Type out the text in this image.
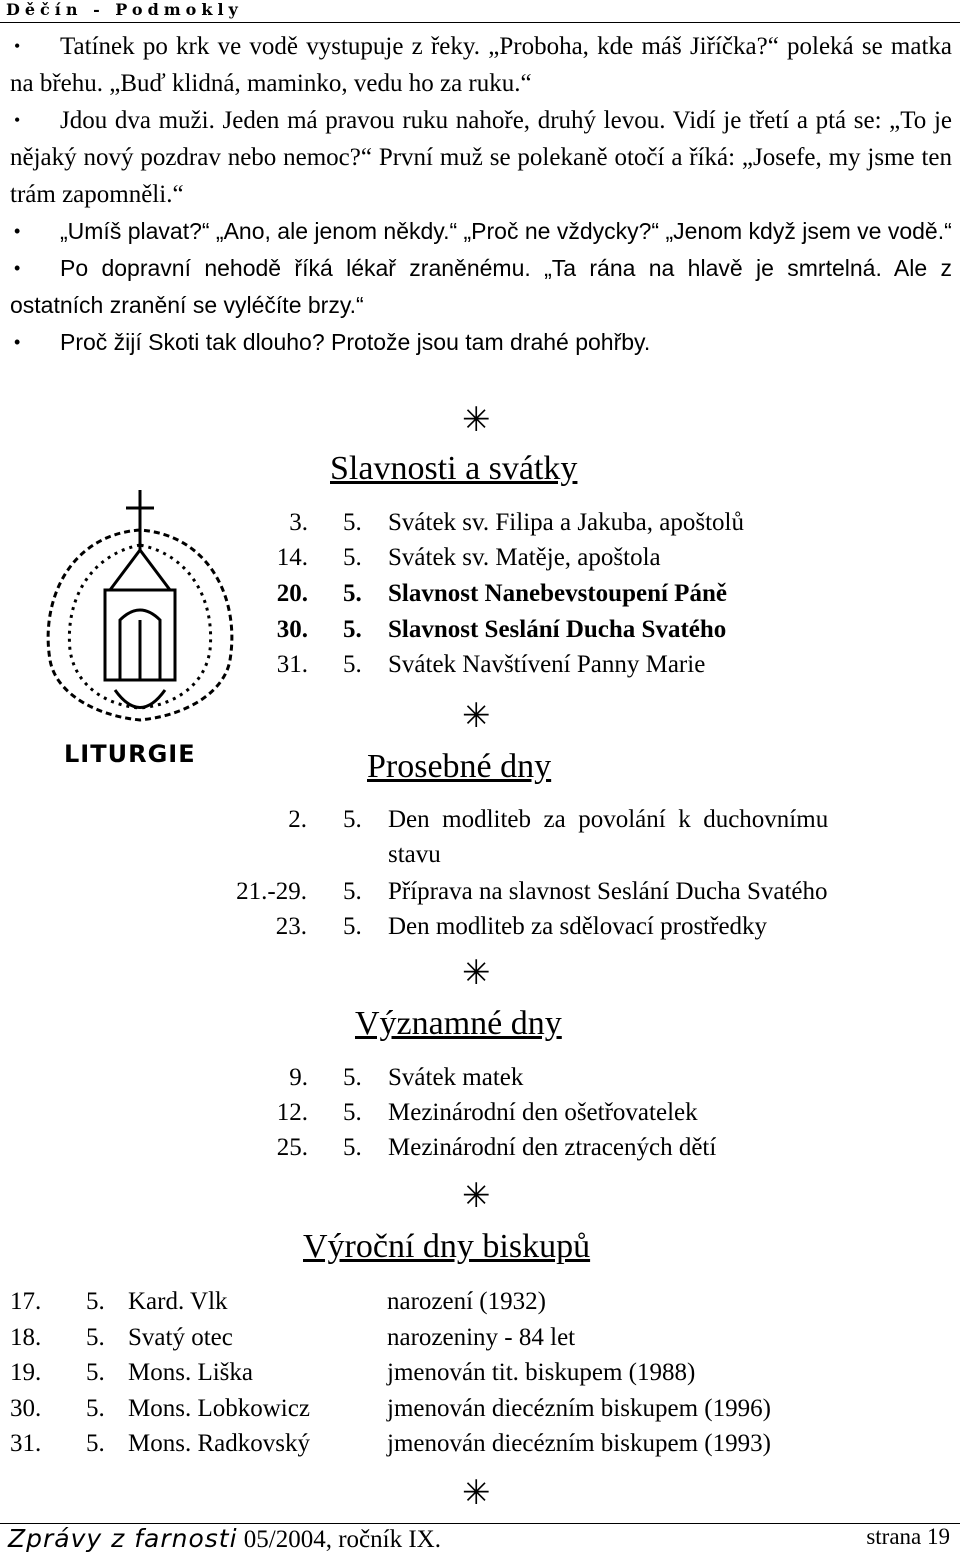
Děčín - Podmokly

• Tatínek po krk ve vodě vystupuje z řeky. „Proboha, kde máš Jiříčka?“ poleká se matka na břehu. „Buď klidná, maminko, vedu ho za ruku.“

• Jdou dva muži. Jeden má pravou ruku nahoře, druhý levou. Vidí je třetí a ptá se: „To je nějaký nový pozdrav nebo nemoc?“ První muž se polekaně otočí a říká: „Josefe, my jsme ten trám zapomněli.“

• „Umíš plavat?“ „Ano, ale jenom někdy.“ „Proč ne vždycky?“ „Jenom když jsem ve vodě.“

• Po dopravní nehodě říká lékař zraněnému. „Ta rána na hlavě je smrtelná. Ale z ostatních zranění se vyléčíte brzy.“

• Proč žijí Skoti tak dlouho? Protože jsou tam drahé pohřby.

✳
✳
✳
✳
✳
LITURGIE
Slavnosti a svátky
3. 5. Svátek sv. Filipa a Jakuba, apoštolů
14. 5. Svátek sv. Matěje, apoštola
20. 5. Slavnost Nanebevstoupení Páně
30. 5. Slavnost Seslání Ducha Svatého
31. 5. Svátek Navštívení Panny Marie
Prosebné dny
2. 5. Den  modliteb  za  povolání  k  duchovnímu
stavu
21.-29. 5. Příprava na slavnost Seslání Ducha Svatého
23. 5. Den modliteb za sdělovací prostředky
Významné dny
9. 5. Svátek matek
12. 5. Mezinárodní den ošetřovatelek
25. 5. Mezinárodní den ztracených dětí
Výroční dny biskupů
17. 5. Kard. Vlk	narození (1932)
18. 5. Svatý otec	narozeniny - 84 let
19. 5. Mons. Liška	jmenován tit. biskupem (1988)
30. 5. Mons. Lobkowicz	jmenován diecézním biskupem (1996)
31. 5. Mons. Radkovský	jmenován diecézním biskupem (1993)
Zprávy z farnosti 05/2004, ročník IX.	strana 19
